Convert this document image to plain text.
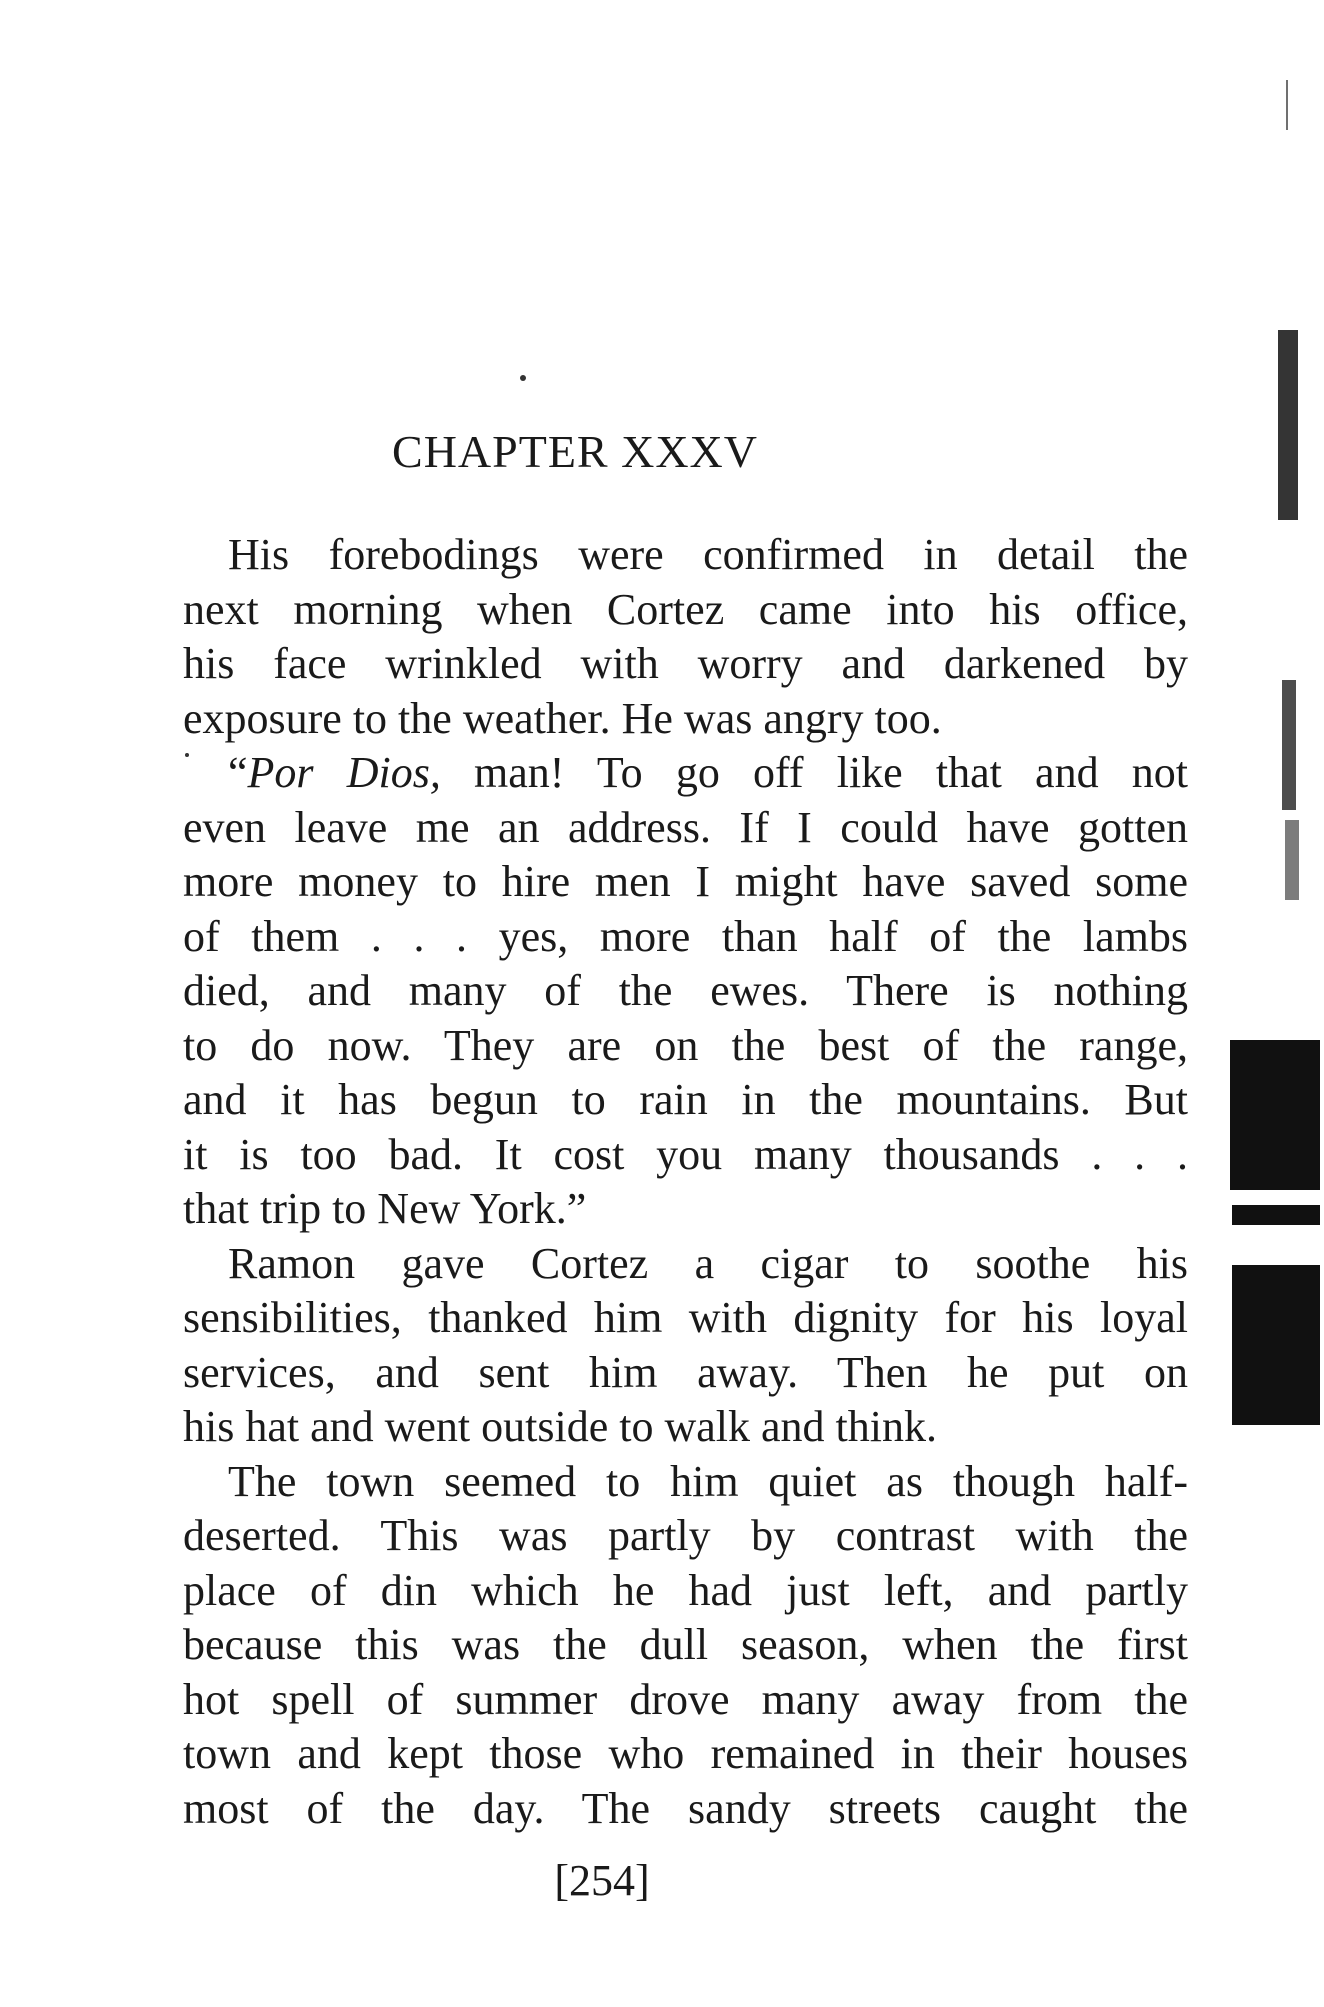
CHAPTER XXXV
His forebodings were confirmed in detail the
next morning when Cortez came into his office,
his face wrinkled with worry and darkened by
exposure to the weather. He was angry too.
“Por Dios, man! To go off like that and not
even leave me an address. If I could have gotten
more money to hire men I might have saved some
of them . . . yes, more than half of the lambs
died, and many of the ewes. There is nothing
to do now. They are on the best of the range,
and it has begun to rain in the mountains. But
it is too bad. It cost you many thousands . . .
that trip to New York.”
Ramon gave Cortez a cigar to soothe his
sensibilities, thanked him with dignity for his loyal
services, and sent him away. Then he put on
his hat and went outside to walk and think.
The town seemed to him quiet as though half-
deserted. This was partly by contrast with the
place of din which he had just left, and partly
because this was the dull season, when the first
hot spell of summer drove many away from the
town and kept those who remained in their houses
most of the day. The sandy streets caught the
[254]
